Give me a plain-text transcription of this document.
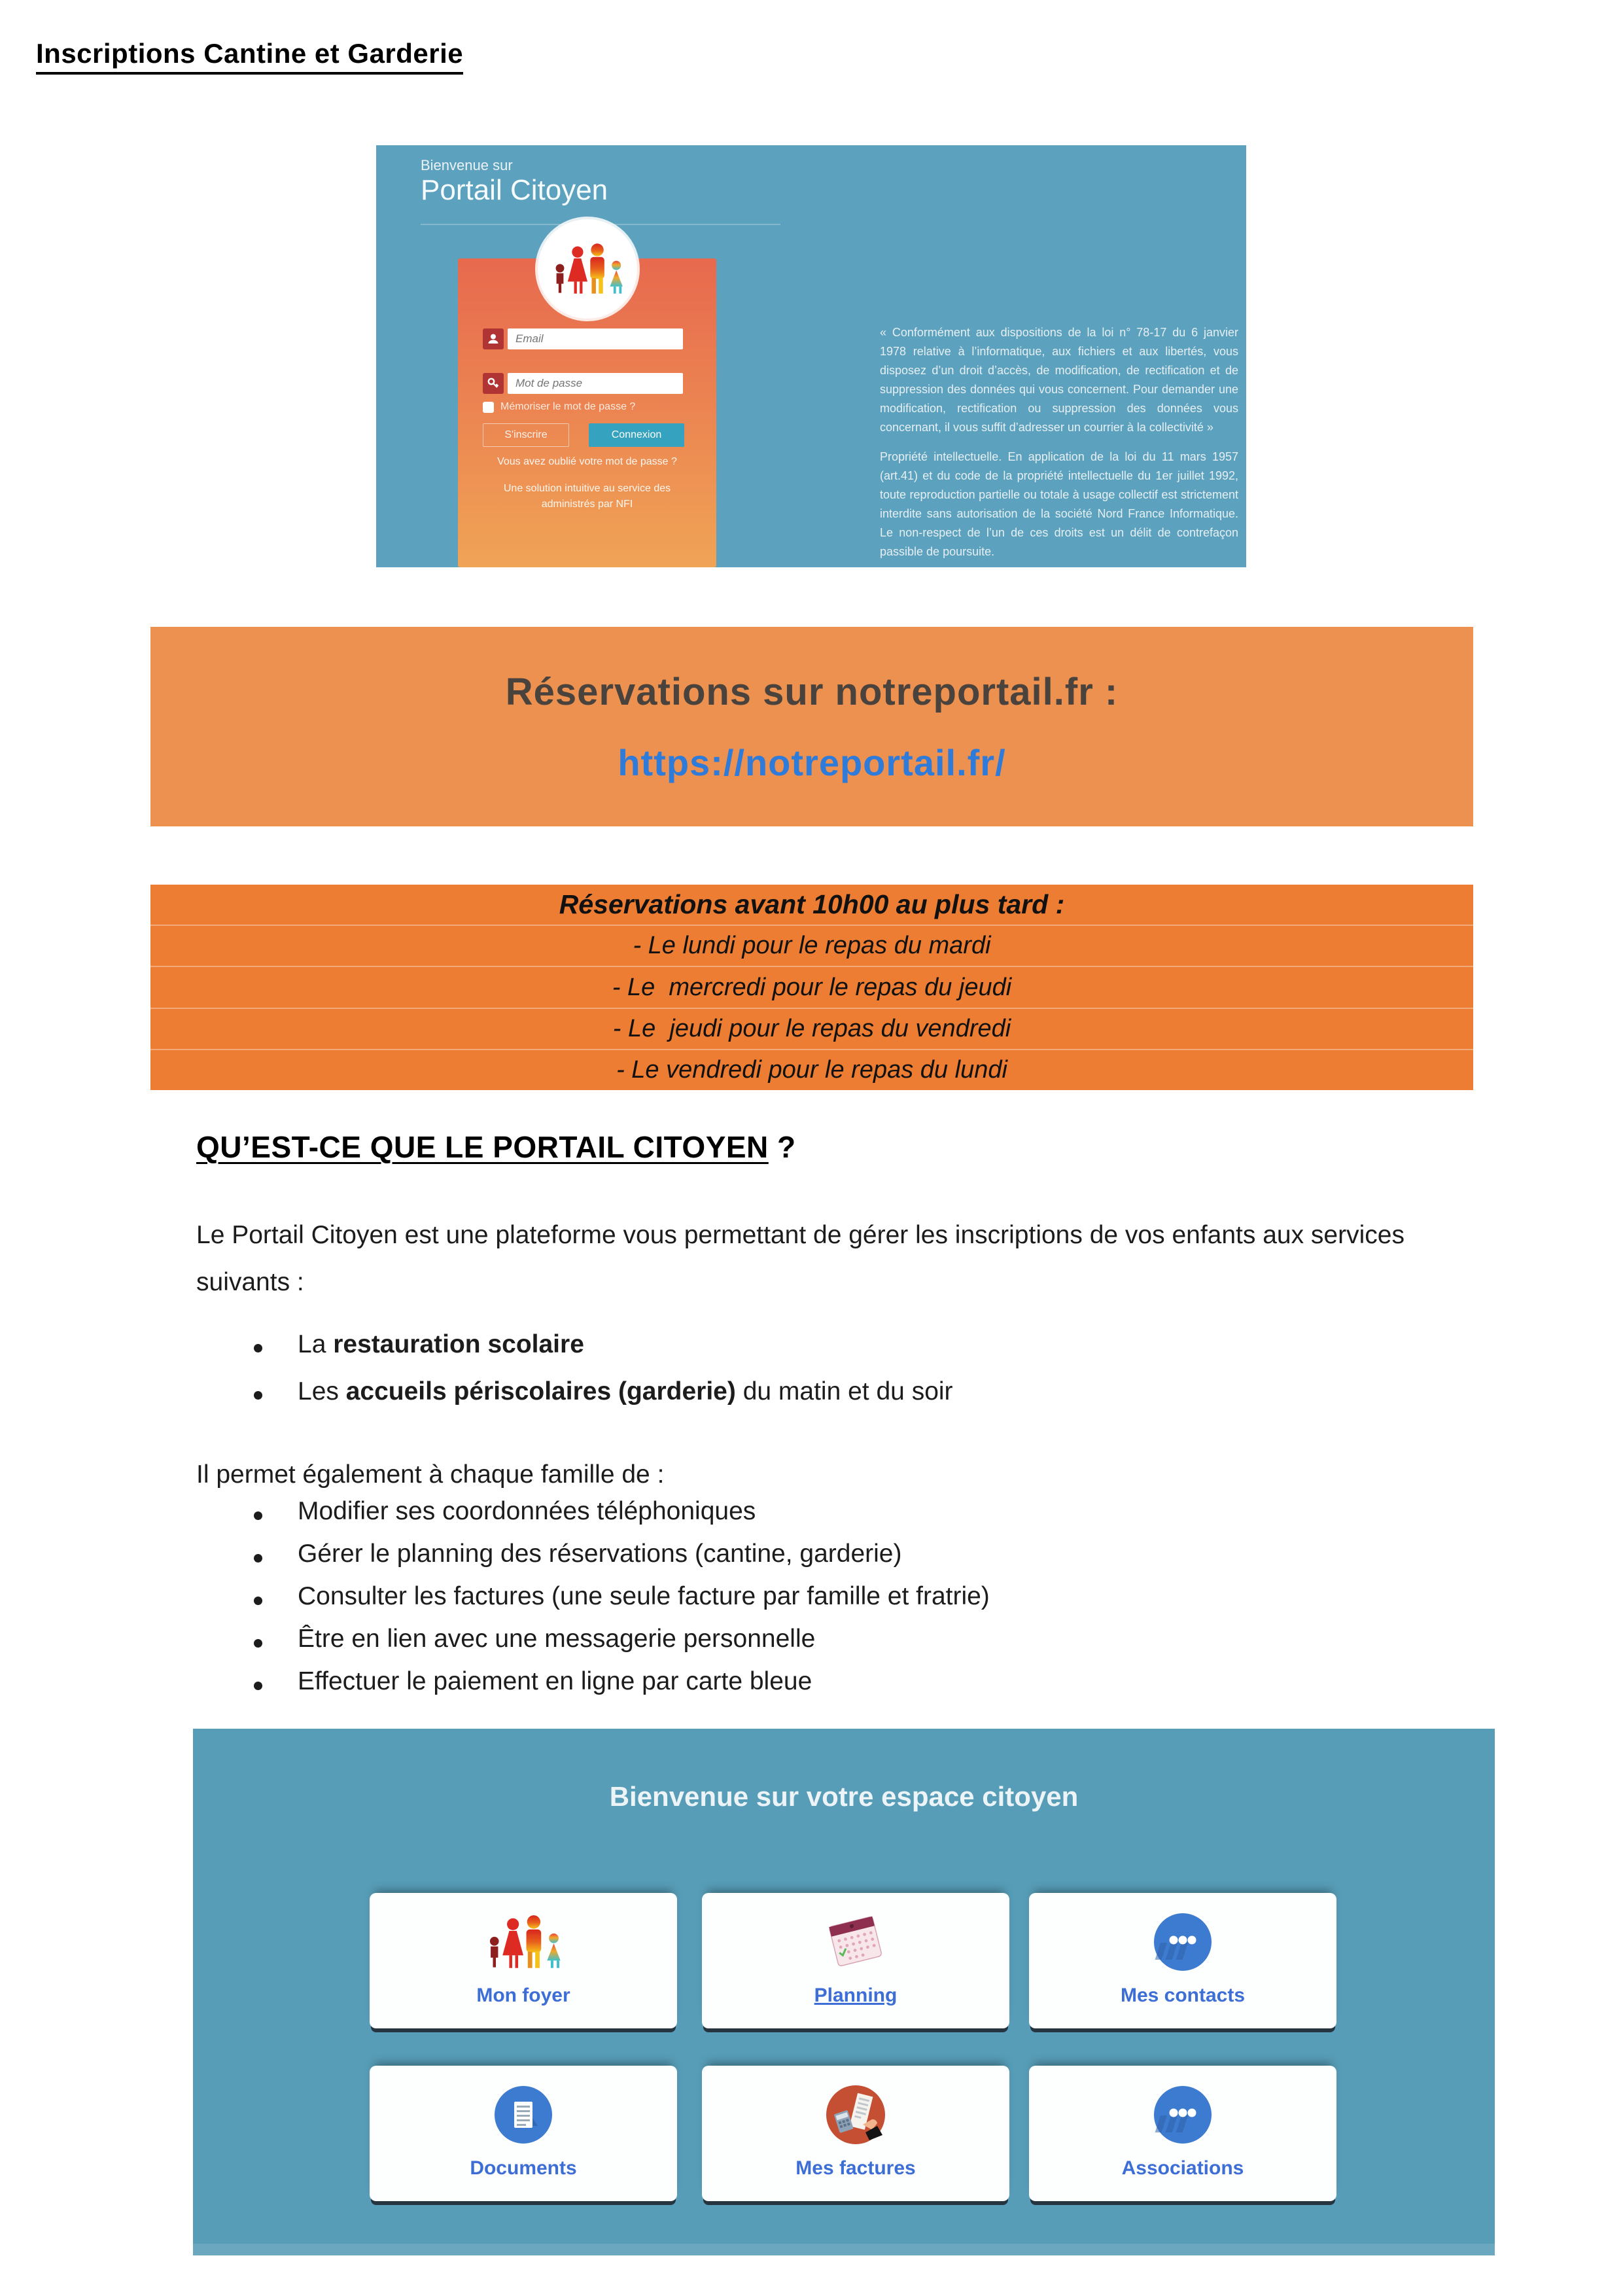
Inscriptions Cantine et Garderie
Bienvenue sur
Portail Citoyen

« Conformément aux dispositions de la loi n° 78-17 du 6 janvier 1978 relative à l’informatique, aux fichiers et aux libertés, vous disposez d’un droit d’accès, de modification, de rectification et de suppression des données qui vous concernent. Pour demander une modification, rectification ou suppression des données vous concernant, il vous suffit d’adresser un courrier à la collectivité »

Propriété intellectuelle. En application de la loi du 11 mars 1957 (art.41) et du code de la propriété intellectuelle du 1er juillet 1992, toute reproduction partielle ou totale à usage collectif est strictement interdite sans autorisation de la société Nord France Informatique. Le non-respect de l’un de ces droits est un délit de contrefaçon passible de poursuite.

Email
Mot de passe
Mémoriser le mot de passe ?
S'inscrire	Connexion
Vous avez oublié votre mot de passe ?
Une solution intuitive au service des administrés par NFI
Réservations sur notreportail.fr :
https://notreportail.fr/
Réservations avant 10h00 au plus tard :
- Le lundi pour le repas du mardi
- Le  mercredi pour le repas du jeudi
- Le  jeudi pour le repas du vendredi
- Le vendredi pour le repas du lundi
QU’EST-CE QUE LE PORTAIL CITOYEN ?
Le Portail Citoyen est une plateforme vous permettant de gérer les inscriptions de vos enfants aux services suivants :
La restauration scolaire
Les accueils périscolaires (garderie) du matin et du soir
Il permet également à chaque famille de :
Modifier ses coordonnées téléphoniques
Gérer le planning des réservations (cantine, garderie)
Consulter les factures (une seule facture par famille et fratrie)
Être en lien avec une messagerie personnelle
Effectuer le paiement en ligne par carte bleue
Bienvenue sur votre espace citoyen
Mon foyer	Planning	Mes contacts
Documents	Mes factures	Associations
